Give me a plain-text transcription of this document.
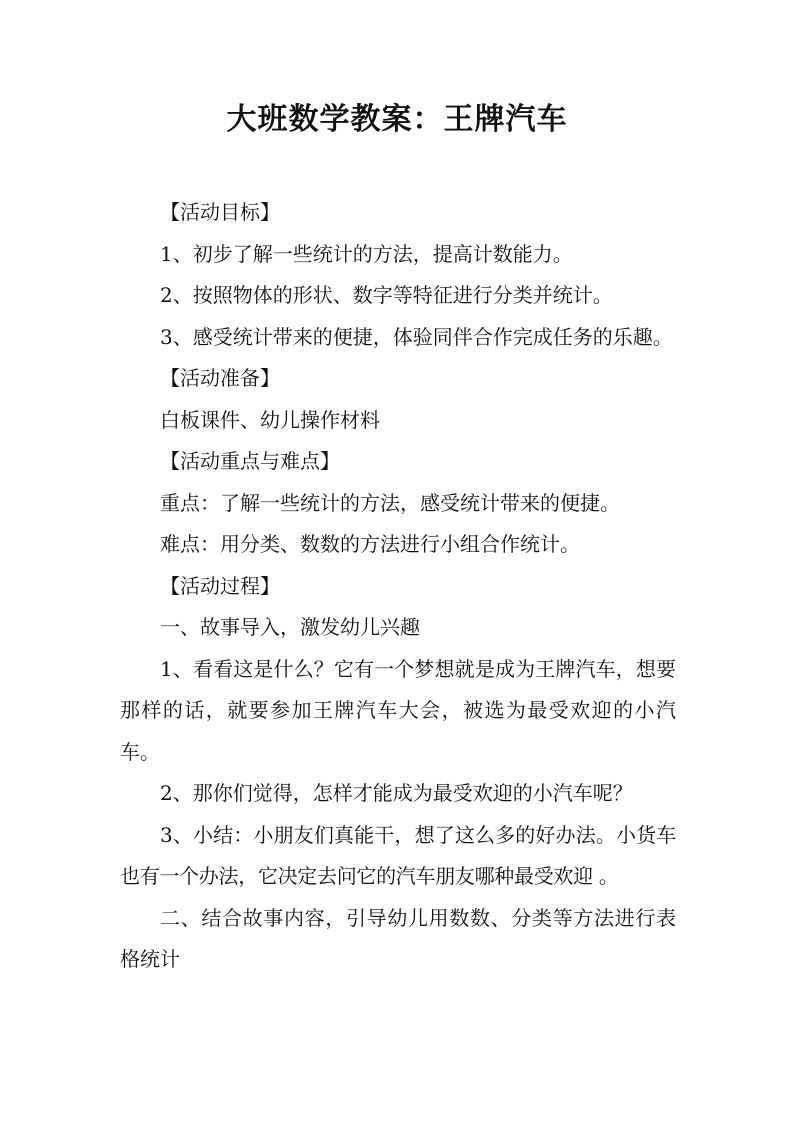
大班数学教案：王牌汽车

【活动目标】

1、初步了解一些统计的方法，提高计数能力。

2、按照物体的形状、数字等特征进行分类并统计。

3、感受统计带来的便捷，体验同伴合作完成任务的乐趣。

【活动准备】

白板课件、幼儿操作材料

【活动重点与难点】

重点：了解一些统计的方法，感受统计带来的便捷。

难点：用分类、数数的方法进行小组合作统计。

【活动过程】

一、故事导入，激发幼儿兴趣

1、看看这是什么？它有一个梦想就是成为王牌汽车，想要那样的话，就要参加王牌汽车大会，被选为最受欢迎的小汽车。

2、那你们觉得，怎样才能成为最受欢迎的小汽车呢？

3、小结：小朋友们真能干，想了这么多的好办法。小货车也有一个办法，它决定去问它的汽车朋友哪种最受欢迎 。

二、结合故事内容，引导幼儿用数数、分类等方法进行表格统计
